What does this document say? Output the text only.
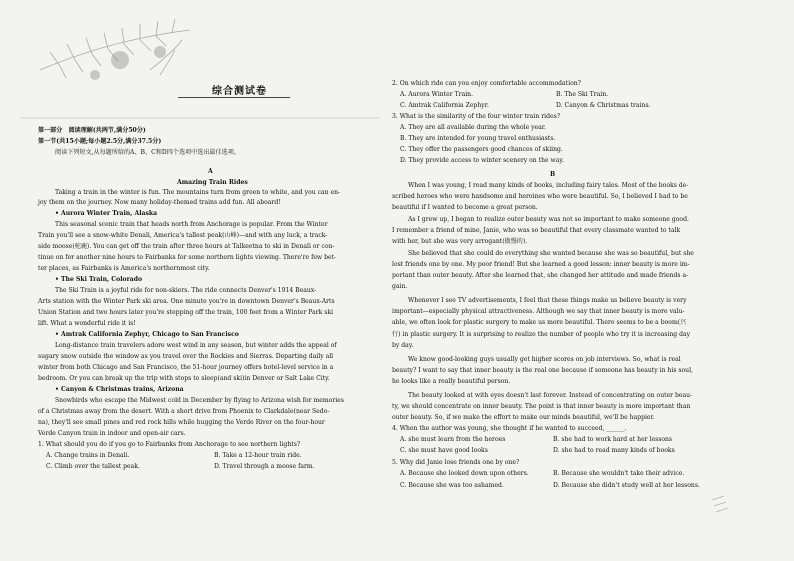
综合测试卷
第一部分　阅读理解(共两节,满分50分)
第一节(共15小题;每小题2.5分,满分37.5分)
阅读下列短文,从每题所给的A、B、C和D四个选项中选出最佳选项。
A
Amazing Train Rides
Taking a train in the winter is fun. The mountains turn from green to white, and you can en-
joy them on the journey. Now many holiday-themed trains add fun. All aboard!
• Aurora Winter Train, Alaska
This seasonal scenic train that heads north from Anchorage is popular. From the Winter
Train you'll see a snow-white Denali, America's tallest peak(山峰)—and with any luck, a track-
side moose(驼鹿). You can get off the train after three hours at Talkeetna to ski in Denali or con-
tinue on for another nine hours to Fairbanks for some northern lights viewing. There're few bet-
ter places, as Fairbanks is America's northernmost city.
• The Ski Train, Colorado
The Ski Train is a joyful ride for non-skiers. The ride connects Denver's 1914 Beaux-
Arts station with the Winter Park ski area. One minute you're in downtown Denver's Beaux-Arts
Union Station and two hours later you're stepping off the train, 100 feet from a Winter Park ski
lift. What a wonderful ride it is!
• Amtrak California Zephyr, Chicago to San Francisco
Long-distance train travelers adore west wind in any season, but winter adds the appeal of
sugary snow outside the window as you travel over the Rockies and Sierras. Departing daily all
winter from both Chicago and San Francisco, the 51-hour journey offers hotel-level service in a
bedroom. Or you can break up the trip with stops to sleep(and ski)in Denver or Salt Lake City.
• Canyon & Christmas trains, Arizona
Snowbirds who escape the Midwest cold in December by flying to Arizona wish for memories
of a Christmas away from the desert. With a short drive from Phoenix to Clarkdale(near Sedo-
na), they'll see small pines and red rock hills while hugging the Verde River on the four-hour
Verde Canyon train in indoor and open-air cars.
1. What should you do if you go to Fairbanks from Anchorage to see northern lights?
A. Change trains in Denali.	B. Take a 12-hour train ride.
C. Climb over the tallest peak.	D. Travel through a moose farm.
2. On which ride can you enjoy comfortable accommodation?
A. Aurora Winter Train.	B. The Ski Train.
C. Amtrak California Zephyr.	D. Canyon & Christmas trains.
3. What is the similarity of the four winter train rides?
A. They are all available during the whole year.
B. They are intended for young travel enthusiasts.
C. They offer the passengers good chances of skiing.
D. They provide access to winter scenery on the way.
B
When I was young, I read many kinds of books, including fairy tales. Most of the books de-
scribed heroes who were handsome and heroines who were beautiful. So, I believed I had to be
beautiful if I wanted to become a great person.
As I grew up, I began to realize outer beauty was not so important to make someone good.
I remember a friend of mine, Janie, who was so beautiful that every classmate wanted to talk
with her, but she was very arrogant(傲慢的).
She believed that she could do everything she wanted because she was so beautiful, but she
lost friends one by one. My poor friend! But she learned a good lesson: inner beauty is more im-
portant than outer beauty. After she learned that, she changed her attitude and made friends a-
gain.
Whenever I see TV advertisements, I feel that these things make us believe beauty is very
important—especially physical attractiveness. Although we say that inner beauty is more valu-
able, we often look for plastic surgery to make us more beautiful. There seems to be a boom(兴
行) in plastic surgery. It is surprising to realize the number of people who try it is increasing day
by day.
We know good-looking guys usually get higher scores on job interviews. So, what is real
beauty? I want to say that inner beauty is the real one because if someone has beauty in his soul,
he looks like a really beautiful person.
The beauty looked at with eyes doesn't last forever. Instead of concentrating on outer beau-
ty, we should concentrate on inner beauty. The point is that inner beauty is more important than
outer beauty. So, if we make the effort to make our minds beautiful, we'll be happier.
4. When the author was young, she thought if he wanted to succeed, ______.
A. she must learn from the heroes	B. she had to work hard at her lessons
C. she must have good looks	D. she had to read many kinds of books
5. Why did Janie lose friends one by one?
A. Because she looked down upon others.	B. Because she wouldn't take their advice.
C. Because she was too ashamed.	D. Because she didn't study well at her lessons.
